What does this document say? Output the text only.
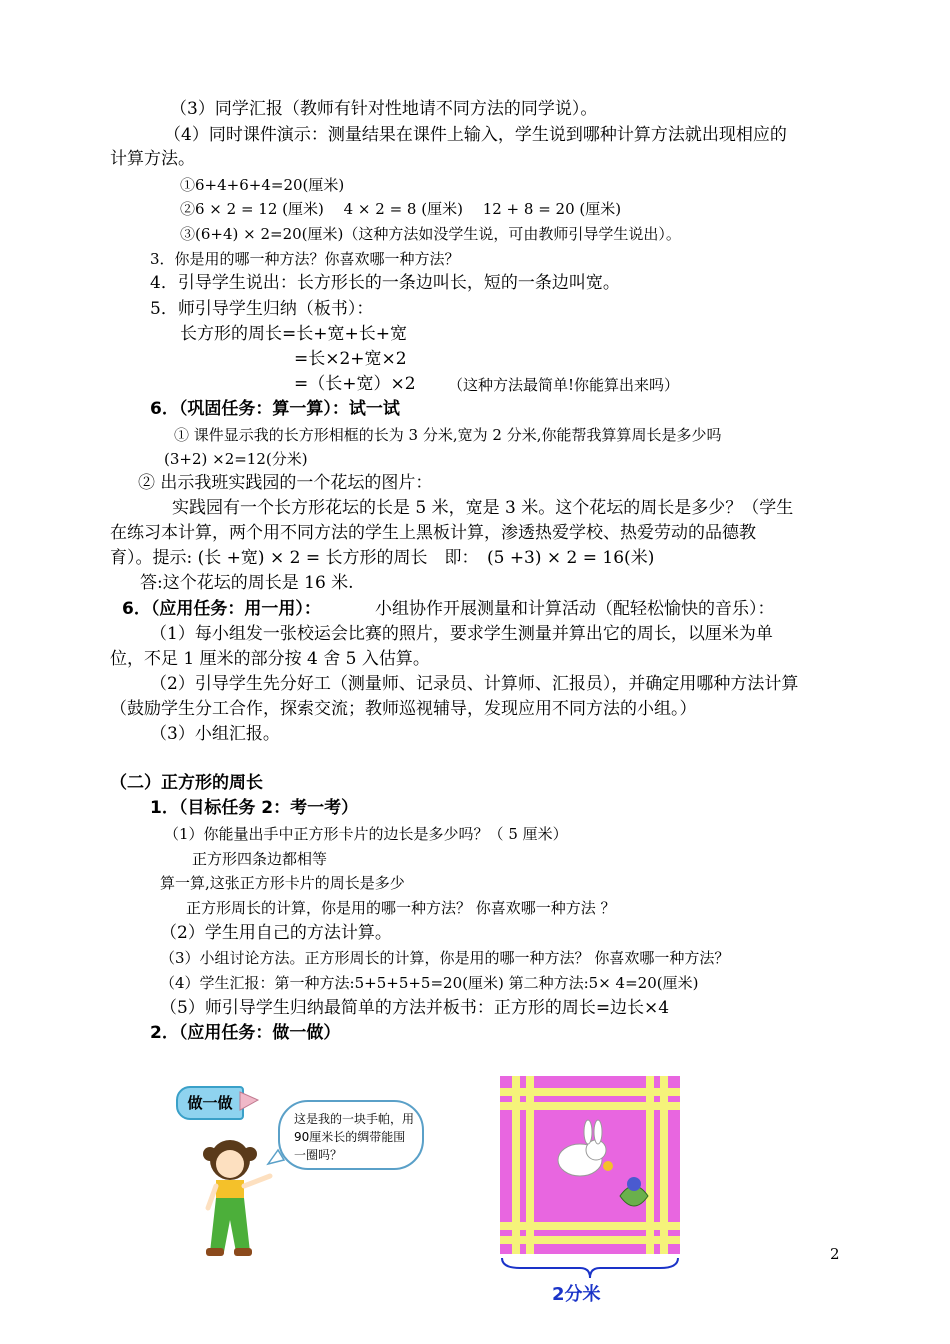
（3）同学汇报（教师有针对性地请不同方法的同学说）。
（4）同时课件演示：测量结果在课件上输入，学生说到哪种计算方法就出现相应的
计算方法。
①6+4+6+4=20(厘米)
②6 × 2 = 12 (厘米)　 4 × 2 = 8 (厘米)　 12 + 8 = 20 (厘米)
③(6+4) × 2=20(厘米)（这种方法如没学生说，可由教师引导学生说出）。
3．你是用的哪一种方法？你喜欢哪一种方法？
4．引导学生说出：长方形长的一条边叫长，短的一条边叫宽。
5．师引导学生归纳（板书）：
长方形的周长=长+宽+长+宽
=长×2+宽×2
=（长+宽）×2 （这种方法最简单!你能算出来吗）
6．（巩固任务：算一算）：试一试
① 课件显示我的长方形相框的长为 3 分米,宽为 2 分米,你能帮我算算周长是多少吗
(3+2) ×2=12(分米)
② 出示我班实践园的一个花坛的图片：
实践园有一个长方形花坛的长是 5 米，宽是 3 米。这个花坛的周长是多少？（学生
在练习本计算，两个用不同方法的学生上黑板计算，渗透热爱学校、热爱劳动的品德教
育）。提示: (长 +宽) × 2 = 长方形的周长　即：　(5 +3) × 2 = 16(米)
答:这个花坛的周长是 16 米.
6．（应用任务：用一用）：	小组协作开展测量和计算活动（配轻松愉快的音乐）：
（1）每小组发一张校运会比赛的照片，要求学生测量并算出它的周长，以厘米为单
位，不足 1 厘米的部分按 4 舍 5 入估算。
（2）引导学生先分好工（测量师、记录员、计算师、汇报员），并确定用哪种方法计算
（鼓励学生分工合作，探索交流；教师巡视辅导，发现应用不同方法的小组。）
（3）小组汇报。
（二）正方形的周长
1．（目标任务 2：考一考）
（1）你能量出手中正方形卡片的边长是多少吗？（ 5 厘米）
正方形四条边都相等
算一算,这张正方形卡片的周长是多少
正方形周长的计算，你是用的哪一种方法？ 你喜欢哪一种方法 ？
（2）学生用自己的方法计算。
（3）小组讨论方法。正方形周长的计算，你是用的哪一种方法？ 你喜欢哪一种方法？
（4）学生汇报：第一种方法:5+5+5+5=20(厘米) 第二种方法:5× 4=20(厘米)
（5）师引导学生归纳最简单的方法并板书：正方形的周长=边长×4
2．（应用任务：做一做）
做一做
这是我的一块手帕，用90厘米长的绸带能围一圈吗？
2分米
2
